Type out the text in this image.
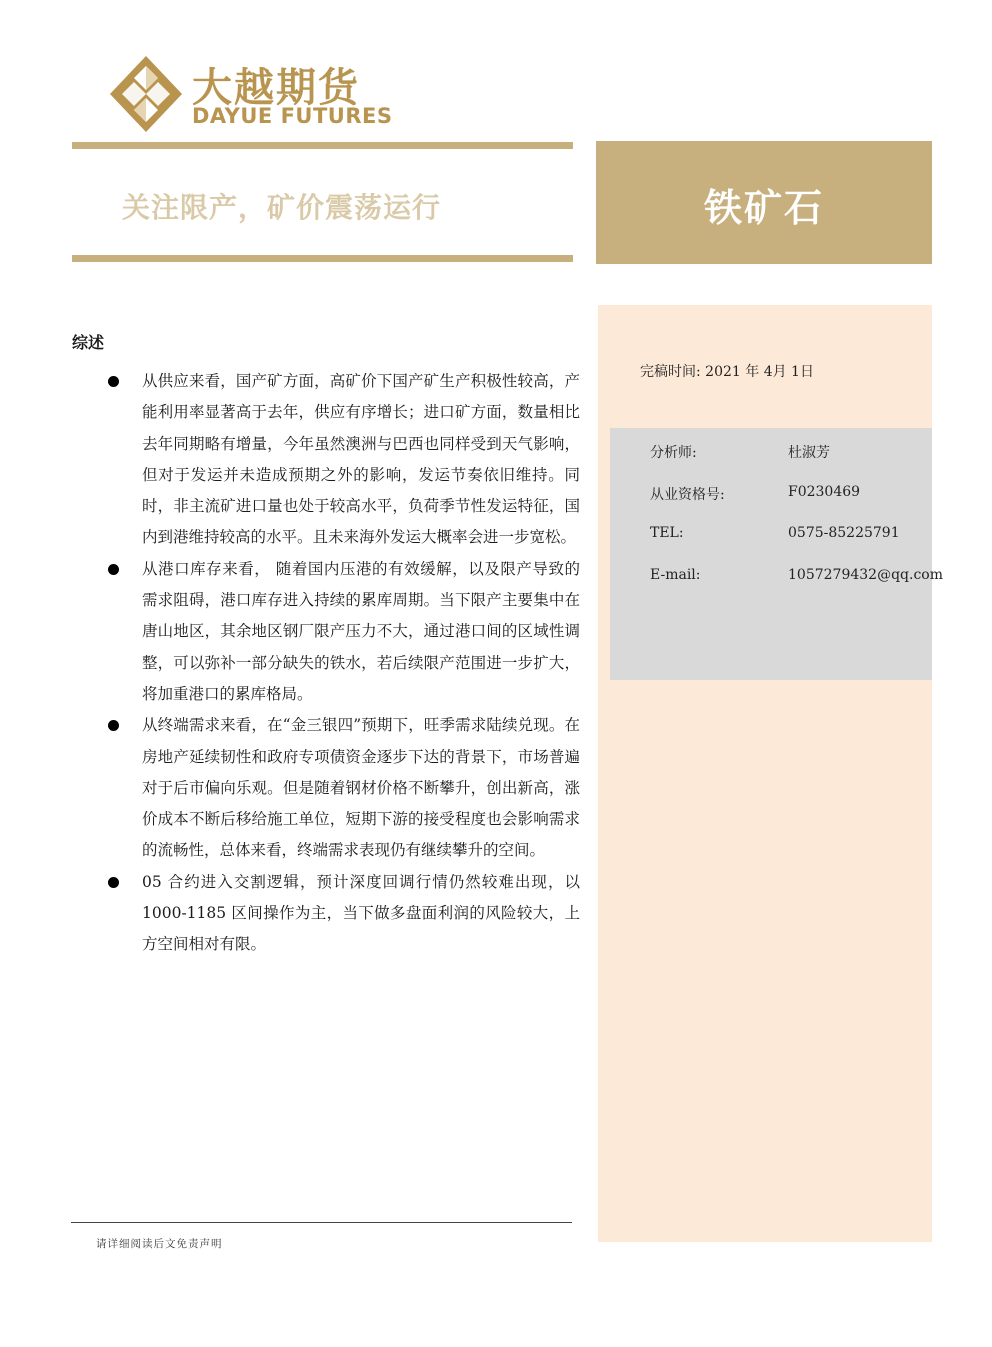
大越期货
DAYUE FUTURES
关注限产，矿价震荡运行	铁矿石
完稿时间: 2021 年 4月 1日
分析师:	杜淑芳
从业资格号:	F0230469
TEL:	0575-85225791
E-mail:	1057279432@qq.com
综述
从供应来看，国产矿方面，高矿价下国产矿生产积极性较高，产能利用率显著高于去年，供应有序增长；进口矿方面，数量相比去年同期略有增量，今年虽然澳洲与巴西也同样受到天气影响，但对于发运并未造成预期之外的影响，发运节奏依旧维持。同时，非主流矿进口量也处于较高水平，负荷季节性发运特征，国内到港维持较高的水平。且未来海外发运大概率会进一步宽松。
从港口库存来看， 随着国内压港的有效缓解，以及限产导致的需求阻碍，港口库存进入持续的累库周期。当下限产主要集中在唐山地区，其余地区钢厂限产压力不大，通过港口间的区域性调整，可以弥补一部分缺失的铁水，若后续限产范围进一步扩大，将加重港口的累库格局。
从终端需求来看，在“金三银四”预期下，旺季需求陆续兑现。在房地产延续韧性和政府专项债资金逐步下达的背景下，市场普遍对于后市偏向乐观。但是随着钢材价格不断攀升，创出新高，涨价成本不断后移给施工单位，短期下游的接受程度也会影响需求的流畅性，总体来看，终端需求表现仍有继续攀升的空间。
05 合约进入交割逻辑，预计深度回调行情仍然较难出现，以 1000-1185 区间操作为主，当下做多盘面利润的风险较大，上方空间相对有限。
请详细阅读后文免责声明
